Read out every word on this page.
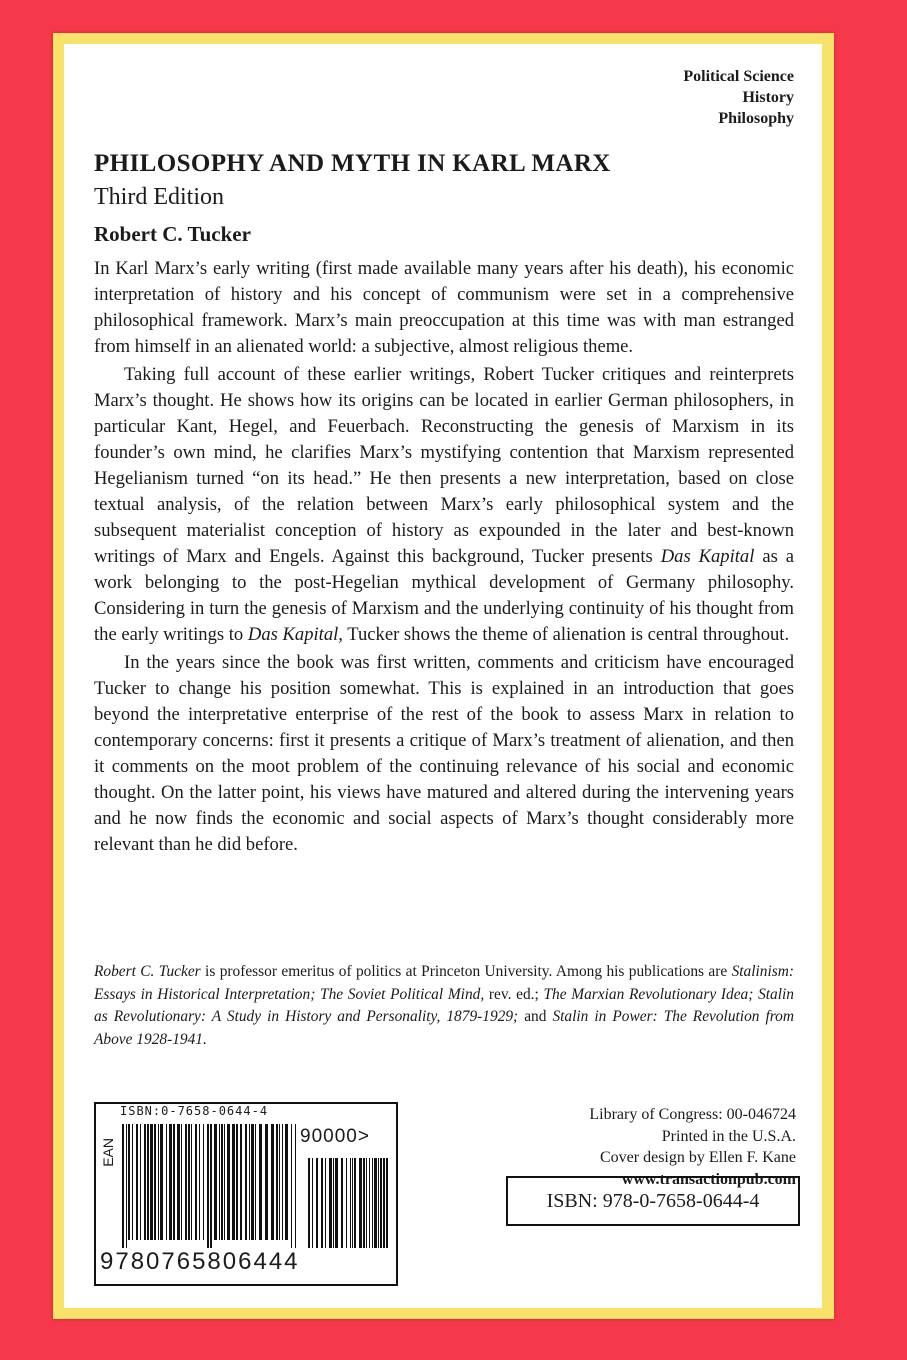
Political Science
History
Philosophy
PHILOSOPHY AND MYTH IN KARL MARX
Third Edition
Robert C. Tucker

In Karl Marx’s early writing (first made available many years after his death), his economic interpretation of history and his concept of communism were set in a comprehensive philosophical framework. Marx’s main preoccupation at this time was with man estranged from himself in an alienated world: a subjective, almost religious theme.

Taking full account of these earlier writings, Robert Tucker critiques and reinterprets Marx’s thought. He shows how its origins can be located in earlier German philosophers, in particular Kant, Hegel, and Feuerbach. Reconstructing the genesis of Marxism in its founder’s own mind, he clarifies Marx’s mystifying contention that Marxism represented Hegelianism turned “on its head.” He then presents a new interpretation, based on close textual analysis, of the relation between Marx’s early philosophical system and the subsequent materialist conception of history as expounded in the later and best-known writings of Marx and Engels. Against this background, Tucker presents Das Kapital as a work belonging to the post-Hegelian mythical development of Germany philosophy. Considering in turn the genesis of Marxism and the underlying continuity of his thought from the early writings to Das Kapital, Tucker shows the theme of alienation is central throughout.

In the years since the book was first written, comments and criticism have encouraged Tucker to change his position somewhat. This is explained in an introduction that goes beyond the interpretative enterprise of the rest of the book to assess Marx in relation to contemporary concerns: first it presents a critique of Marx’s treatment of alienation, and then it comments on the moot problem of the continuing relevance of his social and economic thought. On the latter point, his views have matured and altered during the intervening years and he now finds the economic and social aspects of Marx’s thought considerably more relevant than he did before.

Robert C. Tucker is professor emeritus of politics at Princeton University. Among his publications are Stalinism: Essays in Historical Interpretation; The Soviet Political Mind, rev. ed.; The Marxian Revolutionary Idea; Stalin as Revolutionary: A Study in History and Personality, 1879-1929; and Stalin in Power: The Revolution from Above 1928-1941.
ISBN:0-7658-0644-4
EAN
90000>
9780765806444
Library of Congress: 00-046724
Printed in the U.S.A.
Cover design by Ellen F. Kane
www.transactionpub.com
ISBN: 978-0-7658-0644-4
